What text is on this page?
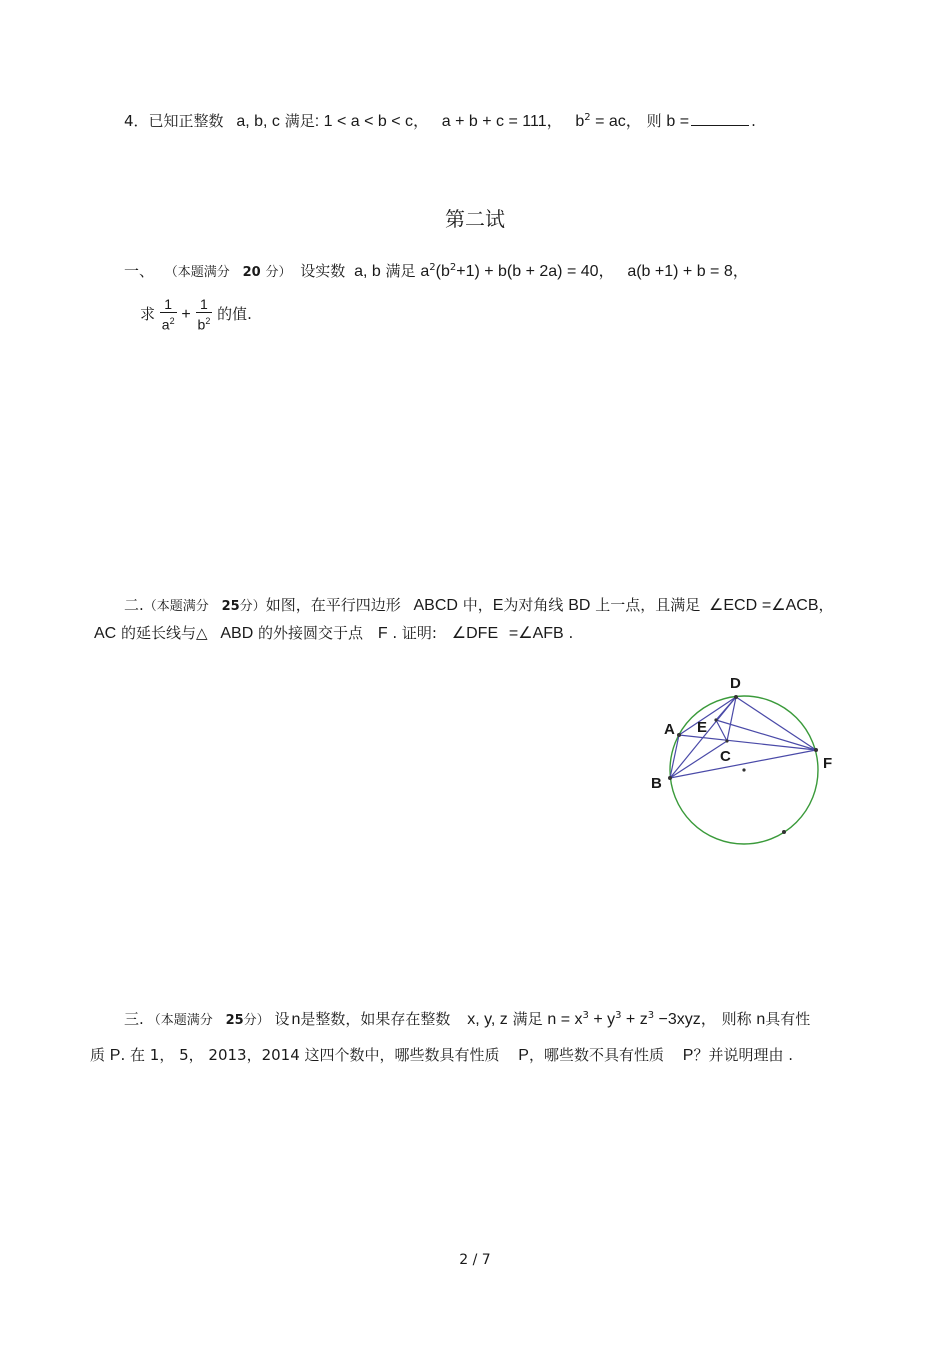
4．已知正整数 a, b, c 满足: 1 < a < b < c， a + b + c = 111， $b^2$ = ac， 则 b =	.
第二试
一、 （本题满分 20 分） 设实数 a, b 满足 $a^2(b^2+1) + b(b + 2a) = 40$， a(b +1) + b = 8，
求 $\frac{1}{a^2} + \frac{1}{b^2}$ 的值.
二.（本题满分 25分）如图，在平行四边形 ABCD 中，E为对角线 BD 上一点，且满足 ∠ECD =∠ACB，
AC 的延长线与△ ABD 的外接圆交于点 F . 证明: ∠DFE =∠AFB .
D
A E
C
B
F
三. （本题满分 25分） 设 n是整数，如果存在整数 x, y, z 满足 $n = x^3 + y^3 + z^3 -3xyz$， 则称 n具有性
质 P. 在 1， 5， 2013，2014 这四个数中，哪些数具有性质 P，哪些数不具有性质 P？并说明理由 .
2 / 7
